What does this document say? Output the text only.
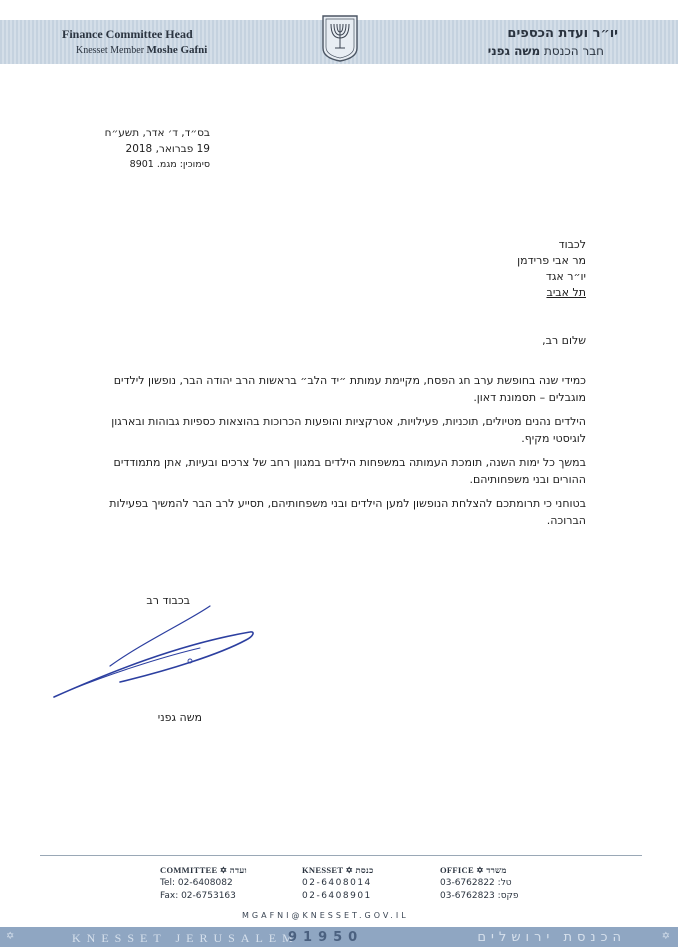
Finance Committee Head
Knesset Member Moshe Gafni
יו״ר ועדת הכספים
חבר הכנסת משה גפני
בס״ד, ד׳ אדר, תשע״ח
19 פברואר, 2018
סימוכין: מגמ. 8901
לכבוד
מר אבי פרידמן
יו״ר אגד
תל אביב
שלום רב,
כמידי שנה בחופשת ערב חג הפסח, מקיימת עמותת ״יד הלב״ בראשות הרב יהודה הבר, נופשון לילדים מוגבלים – תסמונת דאון.
הילדים נהנים מטיולים, תוכניות, פעילויות, אטרקציות והופעות הכרוכות בהוצאות כספיות גבוהות ובארגון לוגיסטי מקיף.
במשך כל ימות השנה, תומכת העמותה במשפחות הילדים במגוון רחב של צרכים ובעיות, אתן מתמודדים ההורים ובני משפחותיהם.
בטוחני כי תרומתכם להצלחת הנופשון למען הילדים ובני משפחותיהם, תסייע לרב הבר להמשיך בפעילות הברוכה.
בכבוד רב
משה גפני
COMMITTEE ✡ ועדה
Tel: 02-6408082
Fax: 02-6753163
KNESSET ✡ כנסת
02-6408014
02-6408901
OFFICE ✡ משרד
03-6762822 :טל
03-6762823 :פקס
MGAFNI@KNESSET.GOV.IL
✡	KNESSET JERUSALEM
91950	הכנסת ירושלים	✡
